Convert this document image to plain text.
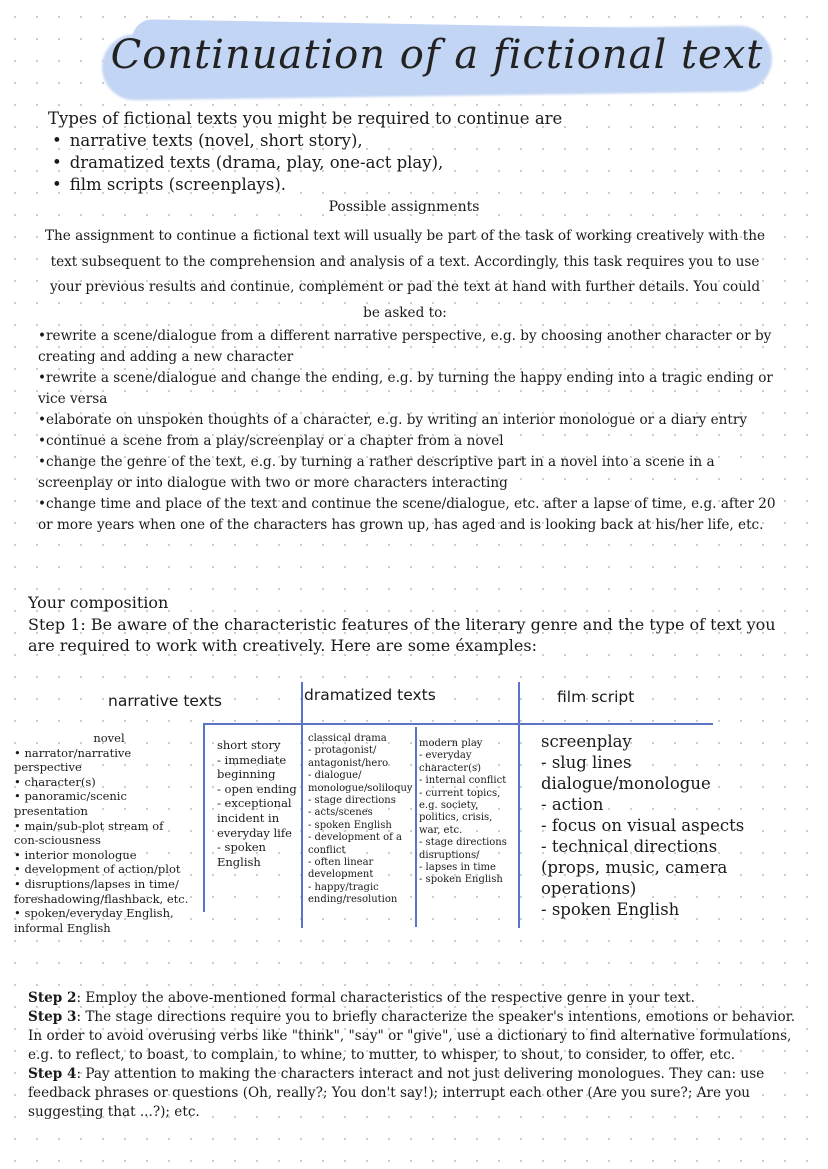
Continuation of a fictional text
Types of fictional texts you might be required to continue are
• narrative texts (novel, short story),
• dramatized texts (drama, play, one-act play),
• film scripts (screenplays).
Possible assignments
The assignment to continue a fictional text will usually be part of the task of working creatively with the text subsequent to the comprehension and analysis of a text. Accordingly, this task requires you to use your previous results and continue, complement or pad the text at hand with further details. You could be asked to:
• rewrite a scene/dialogue from a different narrative perspective, e.g. by choosing another character or by creating and adding a new character
• rewrite a scene/dialogue and change the ending, e.g. by turning the happy ending into a tragic ending or vice versa
• elaborate on unspoken thoughts of a character, e.g. by writing an interior monologue or a diary entry
• continue a scene from a play/screenplay or a chapter from a novel
• change the genre of the text, e.g. by turning a rather descriptive part in a novel into a scene in a screenplay or into dialogue with two or more characters interacting
• change time and place of the text and continue the scene/dialogue, etc. after a lapse of time, e.g. after 20 or more years when one of the characters has grown up, has aged and is looking back at his/her life, etc.
Your composition
Step 1: Be aware of the characteristic features of the literary genre and the type of text you are required to work with creatively. Here are some éxamples:
narrative texts	dramatized texts	film script
novel
• narrator/narrative
perspective
• character(s)
• panoramic/scenic
presentation
• main/sub-plot stream of
con-sciousness
• interior monologue
• development of action/plot
• disruptions/lapses in time/
foreshadowing/flashback, etc.
• spoken/everyday English,
informal English
short story
- immediate
beginning
- open ending
- exceptional
incident in
everyday life
- spoken
English
classical drama
- protagonist/
antagonist/hero
- dialogue/
monologue/soliloquy
- stage directions
- acts/scenes
- spoken English
- development of a
conflict
- often linear
development
- happy/tragic
ending/resolution
modern play
- everyday
character(s)
- internal conflict
- current topics,
e.g. society,
politics, crisis,
war, etc.
- stage directions
disruptions/
- lapses in time
- spoken English
screenplay
- slug lines
dialogue/monologue
- action
- focus on visual aspects
- technical directions
(props, music, camera
operations)
- spoken English
Step 2: Employ the above-mentioned formal characteristics of the respective genre in your text.
Step 3: The stage directions require you to briefly characterize the speaker's intentions, emotions or behavior. In order to avoid overusing verbs like "think", "say" or "give", use a dictionary to find alternative formulations, e.g. to reflect, to boast, to complain, to whine, to mutter, to whisper, to shout, to consider, to offer, etc.
Step 4: Pay attention to making the characters interact and not just delivering monologues. They can: use feedback phrases or questions (Oh, really?; You don't say!); interrupt each other (Are you sure?; Are you suggesting that ...?); etc.
